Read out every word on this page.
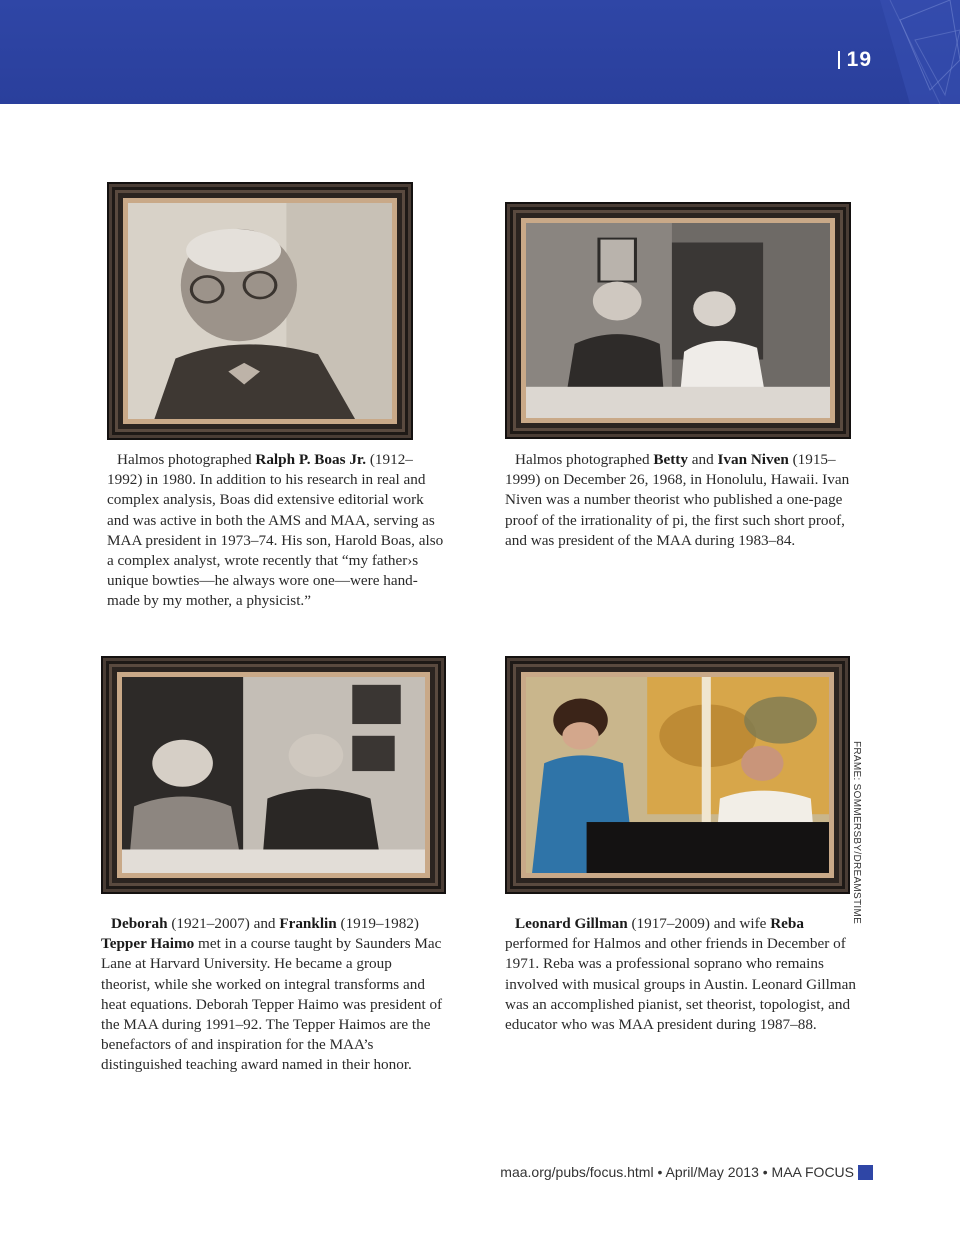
19

Halmos photographed Ralph P. Boas Jr. (1912–1992) in 1980. In addition to his research in real and complex analysis, Boas did extensive editorial work and was active in both the AMS and MAA, serving as MAA president in 1973–74. His son, Harold Boas, also a complex analyst, wrote recently that “my father›s unique bowties—he always wore one—were hand-made by my mother, a physicist.”

Halmos photographed Betty and Ivan Niven (1915–1999) on December 26, 1968, in Honolulu, Hawaii. Ivan Niven was a number theorist who published a one-page proof of the irrationality of pi, the first such short proof, and was president of the MAA during 1983–84.

Deborah (1921–2007) and Franklin (1919–1982) Tepper Haimo met in a course taught by Saunders Mac Lane at Harvard University. He became a group theorist, while she worked on integral transforms and heat equations. Deborah Tepper Haimo was president of the MAA during 1991–92. The Tepper Haimos are the benefactors of and inspiration for the MAA’s distinguished teaching award named in their honor.

Leonard Gillman (1917–2009) and wife Reba performed for Halmos and other friends in December of 1971. Reba was a professional soprano who remains involved with musical groups in Austin. Leonard Gillman was an accomplished pianist, set theorist, topologist, and educator who was MAA president during 1987–88.

FRAME: SOMMERSBY/DREAMSTIME
maa.org/pubs/focus.html • April/May 2013 • MAA FOCUS
